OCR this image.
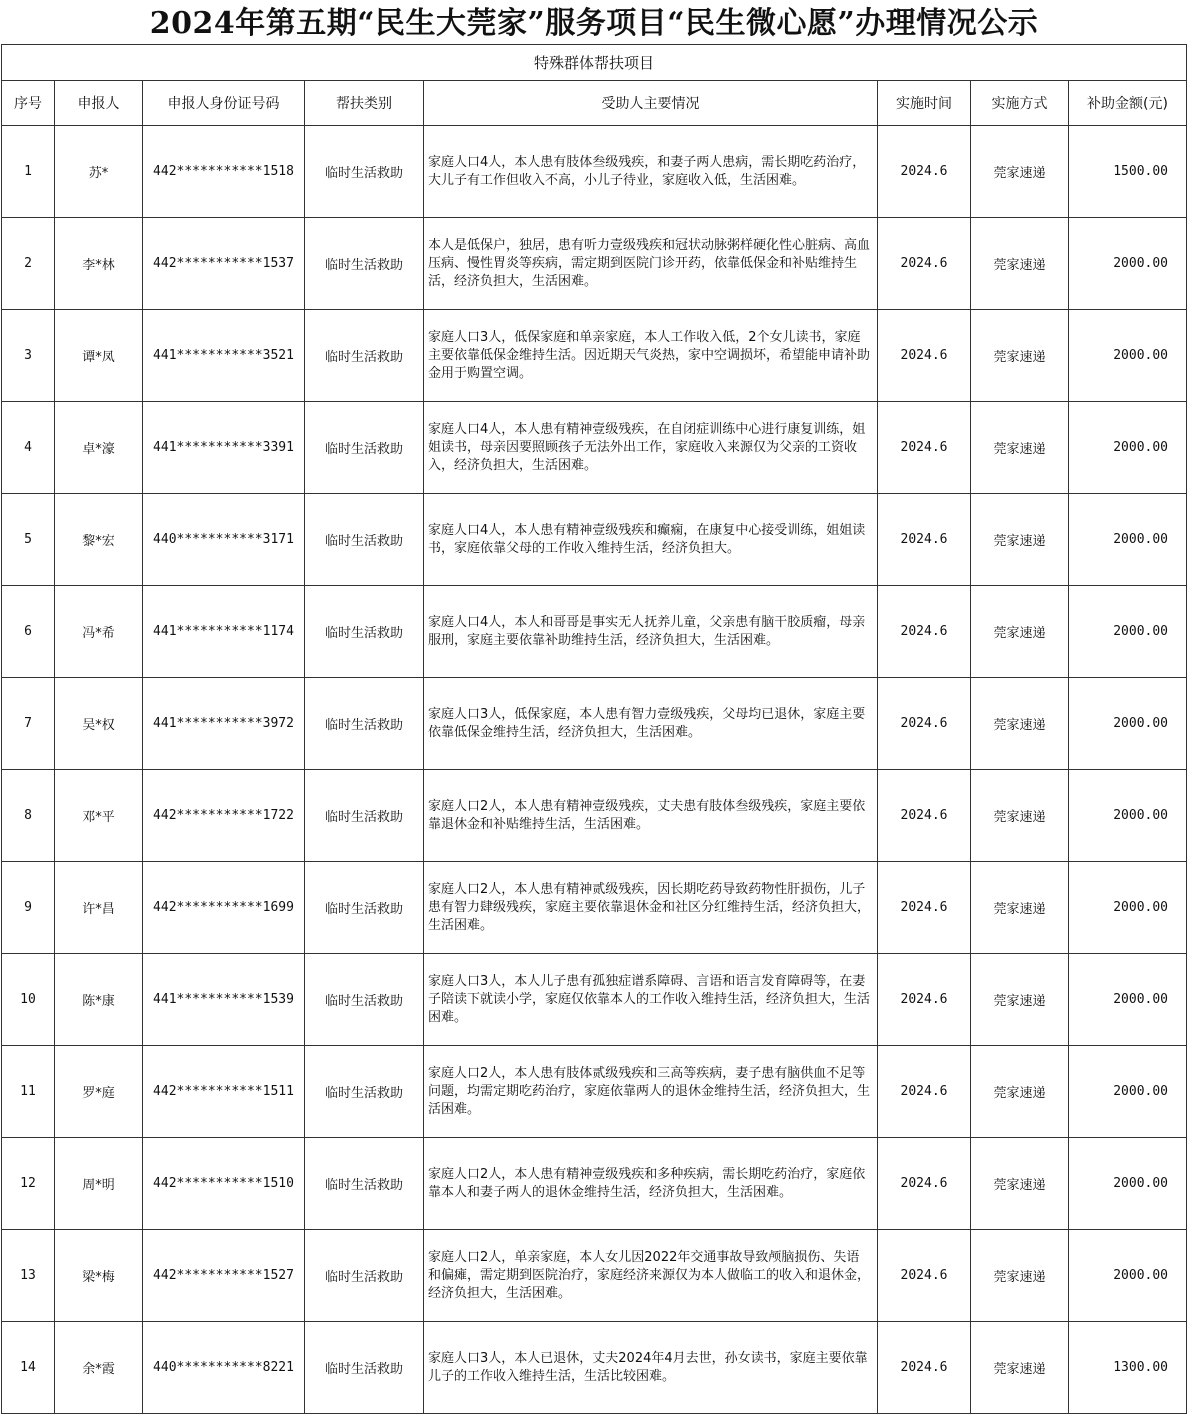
2024年第五期“民生大莞家”服务项目“民生微心愿”办理情况公示
特殊群体帮扶项目							
序号	申报人	申报人身份证号码	帮扶类别	受助人主要情况	实施时间	实施方式	补助金额(元)
1	苏*	442***********1518	临时生活救助	家庭人口4人，本人患有肢体叁级残疾，和妻子两人患病，需长期吃药治疗，大儿子有工作但收入不高，小儿子待业，家庭收入低，生活困难。	2024.6	莞家速递	1500.00
2	李*林	442***********1537	临时生活救助	本人是低保户，独居，患有听力壹级残疾和冠状动脉粥样硬化性心脏病、高血压病、慢性胃炎等疾病，需定期到医院门诊开药，依靠低保金和补贴维持生活，经济负担大，生活困难。	2024.6	莞家速递	2000.00
3	谭*凤	441***********3521	临时生活救助	家庭人口3人，低保家庭和单亲家庭，本人工作收入低，2个女儿读书，家庭主要依靠低保金维持生活。因近期天气炎热，家中空调损坏，希望能申请补助金用于购置空调。	2024.6	莞家速递	2000.00
4	卓*濠	441***********3391	临时生活救助	家庭人口4人，本人患有精神壹级残疾，在自闭症训练中心进行康复训练，姐姐读书，母亲因要照顾孩子无法外出工作，家庭收入来源仅为父亲的工资收入，经济负担大，生活困难。	2024.6	莞家速递	2000.00
5	黎*宏	440***********3171	临时生活救助	家庭人口4人，本人患有精神壹级残疾和癫痫，在康复中心接受训练，姐姐读书，家庭依靠父母的工作收入维持生活，经济负担大。	2024.6	莞家速递	2000.00
6	冯*希	441***********1174	临时生活救助	家庭人口4人，本人和哥哥是事实无人抚养儿童，父亲患有脑干胶质瘤，母亲服刑，家庭主要依靠补助维持生活，经济负担大，生活困难。	2024.6	莞家速递	2000.00
7	吴*权	441***********3972	临时生活救助	家庭人口3人，低保家庭，本人患有智力壹级残疾，父母均已退休，家庭主要依靠低保金维持生活，经济负担大，生活困难。	2024.6	莞家速递	2000.00
8	邓*平	442***********1722	临时生活救助	家庭人口2人，本人患有精神壹级残疾，丈夫患有肢体叁级残疾，家庭主要依靠退休金和补贴维持生活，生活困难。	2024.6	莞家速递	2000.00
9	许*昌	442***********1699	临时生活救助	家庭人口2人，本人患有精神贰级残疾，因长期吃药导致药物性肝损伤，儿子患有智力肆级残疾，家庭主要依靠退休金和社区分红维持生活，经济负担大，生活困难。	2024.6	莞家速递	2000.00
10	陈*康	441***********1539	临时生活救助	家庭人口3人，本人儿子患有孤独症谱系障碍、言语和语言发育障碍等，在妻子陪读下就读小学，家庭仅依靠本人的工作收入维持生活，经济负担大，生活困难。	2024.6	莞家速递	2000.00
11	罗*庭	442***********1511	临时生活救助	家庭人口2人，本人患有肢体贰级残疾和三高等疾病，妻子患有脑供血不足等问题，均需定期吃药治疗，家庭依靠两人的退休金维持生活，经济负担大，生活困难。	2024.6	莞家速递	2000.00
12	周*明	442***********1510	临时生活救助	家庭人口2人，本人患有精神壹级残疾和多种疾病，需长期吃药治疗，家庭依靠本人和妻子两人的退休金维持生活，经济负担大，生活困难。	2024.6	莞家速递	2000.00
13	梁*梅	442***********1527	临时生活救助	家庭人口2人，单亲家庭，本人女儿因2022年交通事故导致颅脑损伤、失语和偏瘫，需定期到医院治疗，家庭经济来源仅为本人做临工的收入和退休金，经济负担大，生活困难。	2024.6	莞家速递	2000.00
14	余*霞	440***********8221	临时生活救助	家庭人口3人，本人已退休，丈夫2024年4月去世，孙女读书，家庭主要依靠儿子的工作收入维持生活，生活比较困难。	2024.6	莞家速递	1300.00
